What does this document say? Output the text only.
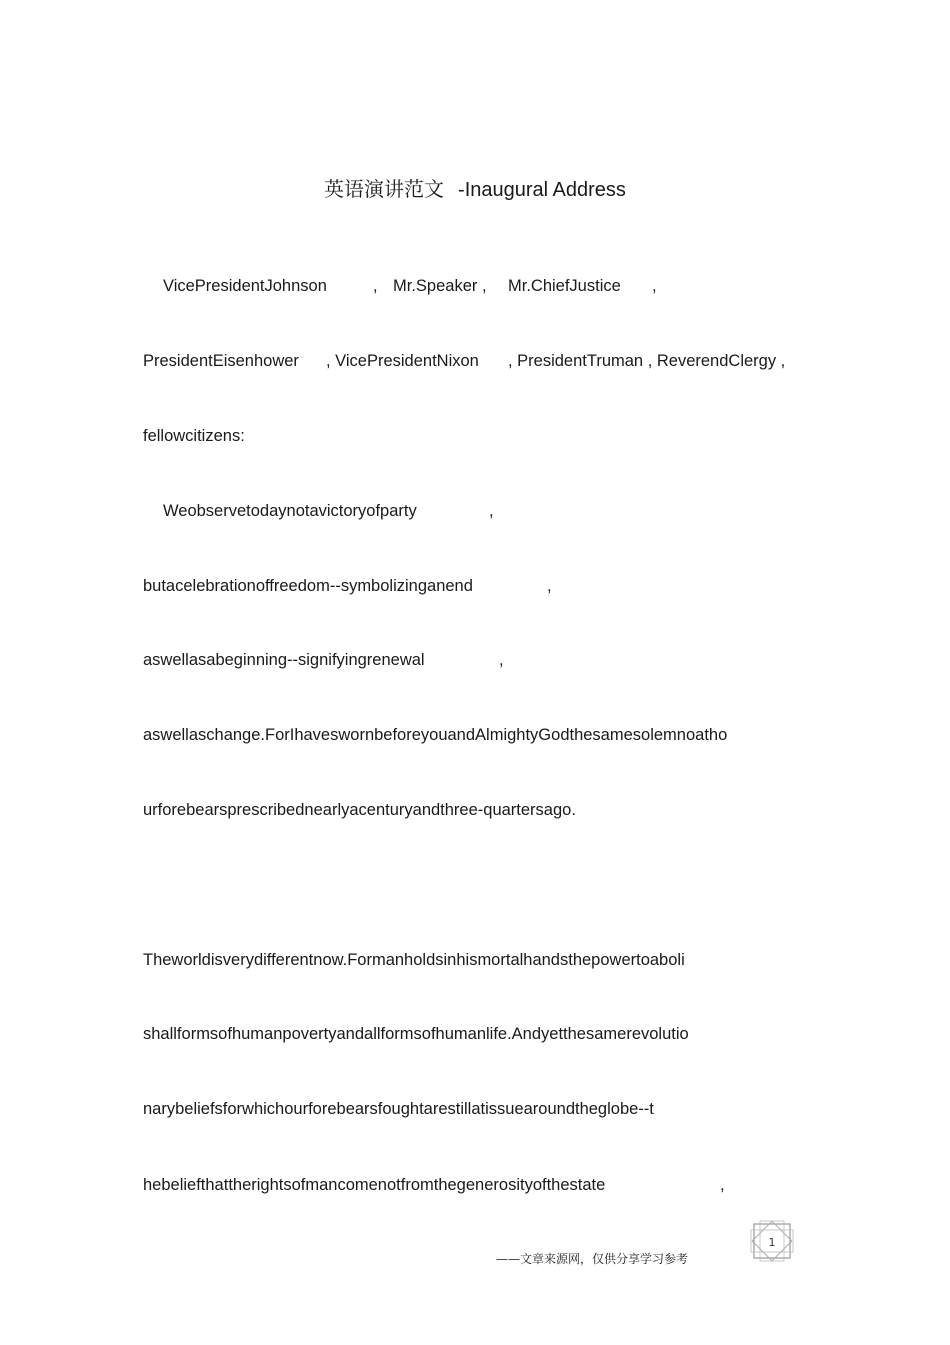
英语演讲范文 -Inaugural Address
VicePresidentJohnson	, Mr.Speaker , Mr.ChiefJustice ,
PresidentEisenhower , VicePresidentNixon , PresidentTruman , ReverendClergy ,
fellowcitizens:
Weobservetodaynotavictoryofparty	,
butacelebrationoffreedom--symbolizinganend	,
aswellasabeginning--signifyingrenewal	,
aswellaschange.ForIhaveswornbeforeyouandAlmightyGodthesamesolemnoatho
urforebearsprescribednearlyacenturyandthree-quartersago.
Theworldisverydifferentnow.Formanholdsinhismortalhandsthepowertoaboli
shallformsofhumanpovertyandallformsofhumanlife.Andyetthesamerevolutio
narybeliefsforwhichourforebearsfoughtarestillatissuearoundtheglobe--t
hebeliefthattherightsofmancomenotfromthegenerosityofthestate	,
——文章来源网，仅供分享学习参考
1
